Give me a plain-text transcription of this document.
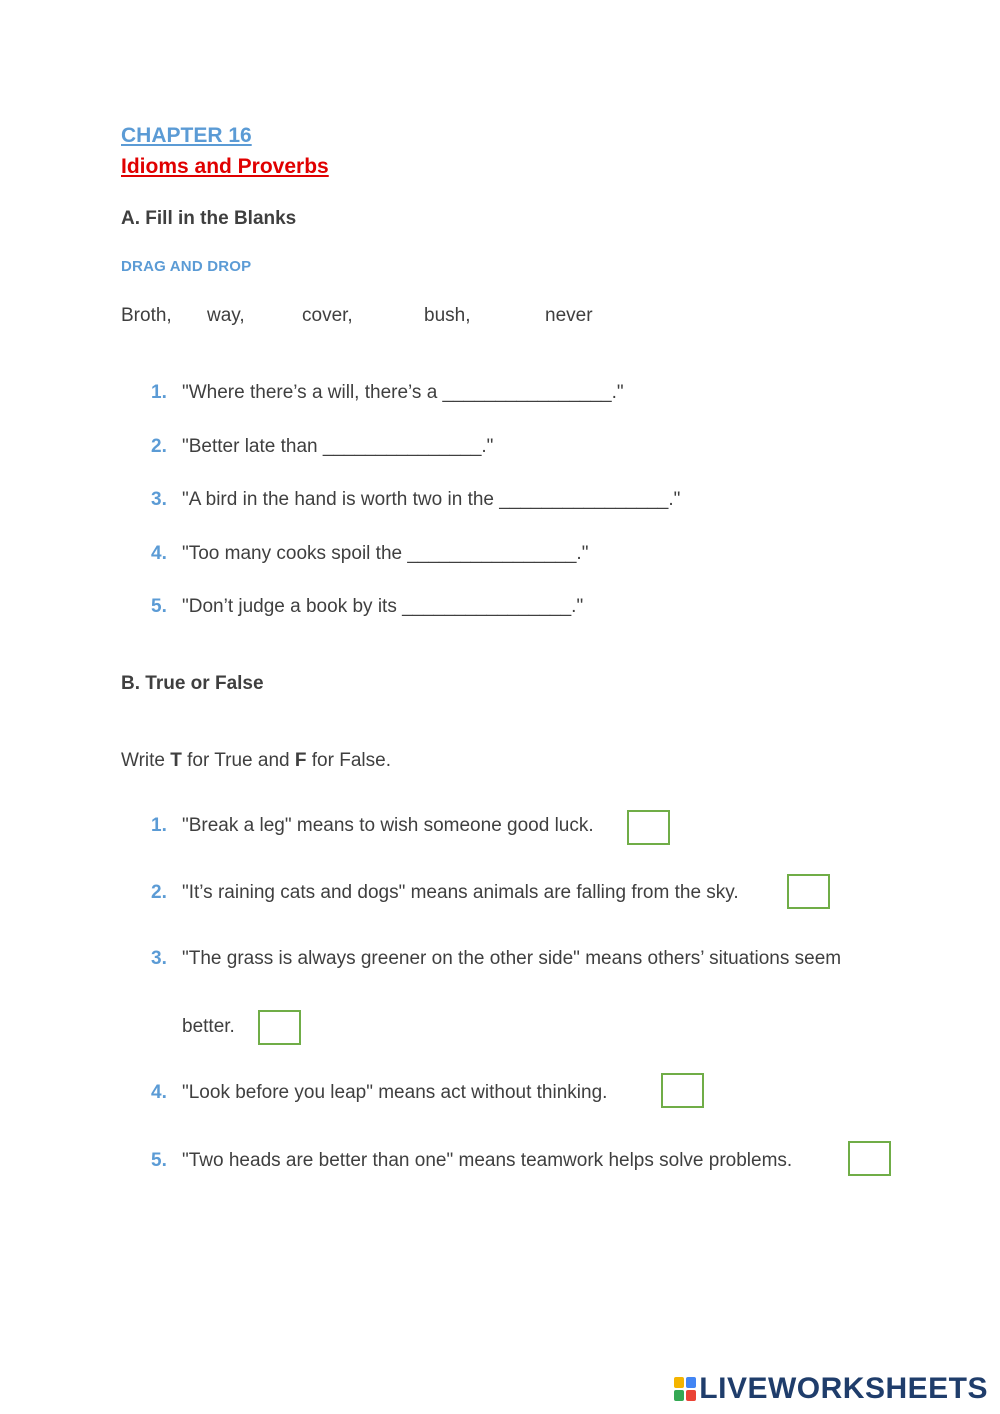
CHAPTER 16
Idioms and Proverbs
A. Fill in the Blanks
DRAG AND DROP
Broth, way,	cover,	bush,	never
1. "Where there’s a will, there’s a ________________."
2. "Better late than _______________."
3. "A bird in the hand is worth two in the ________________."
4. "Too many cooks spoil the ________________."
5. "Don’t judge a book by its ________________."
B. True or False
Write T for True and F for False.
1. "Break a leg" means to wish someone good luck.
2. "It’s raining cats and dogs" means animals are falling from the sky.
3. "The grass is always greener on the other side" means others’ situations seem
better.
4. "Look before you leap" means act without thinking.
5. "Two heads are better than one" means teamwork helps solve problems.
LIVEWORKSHEETS
